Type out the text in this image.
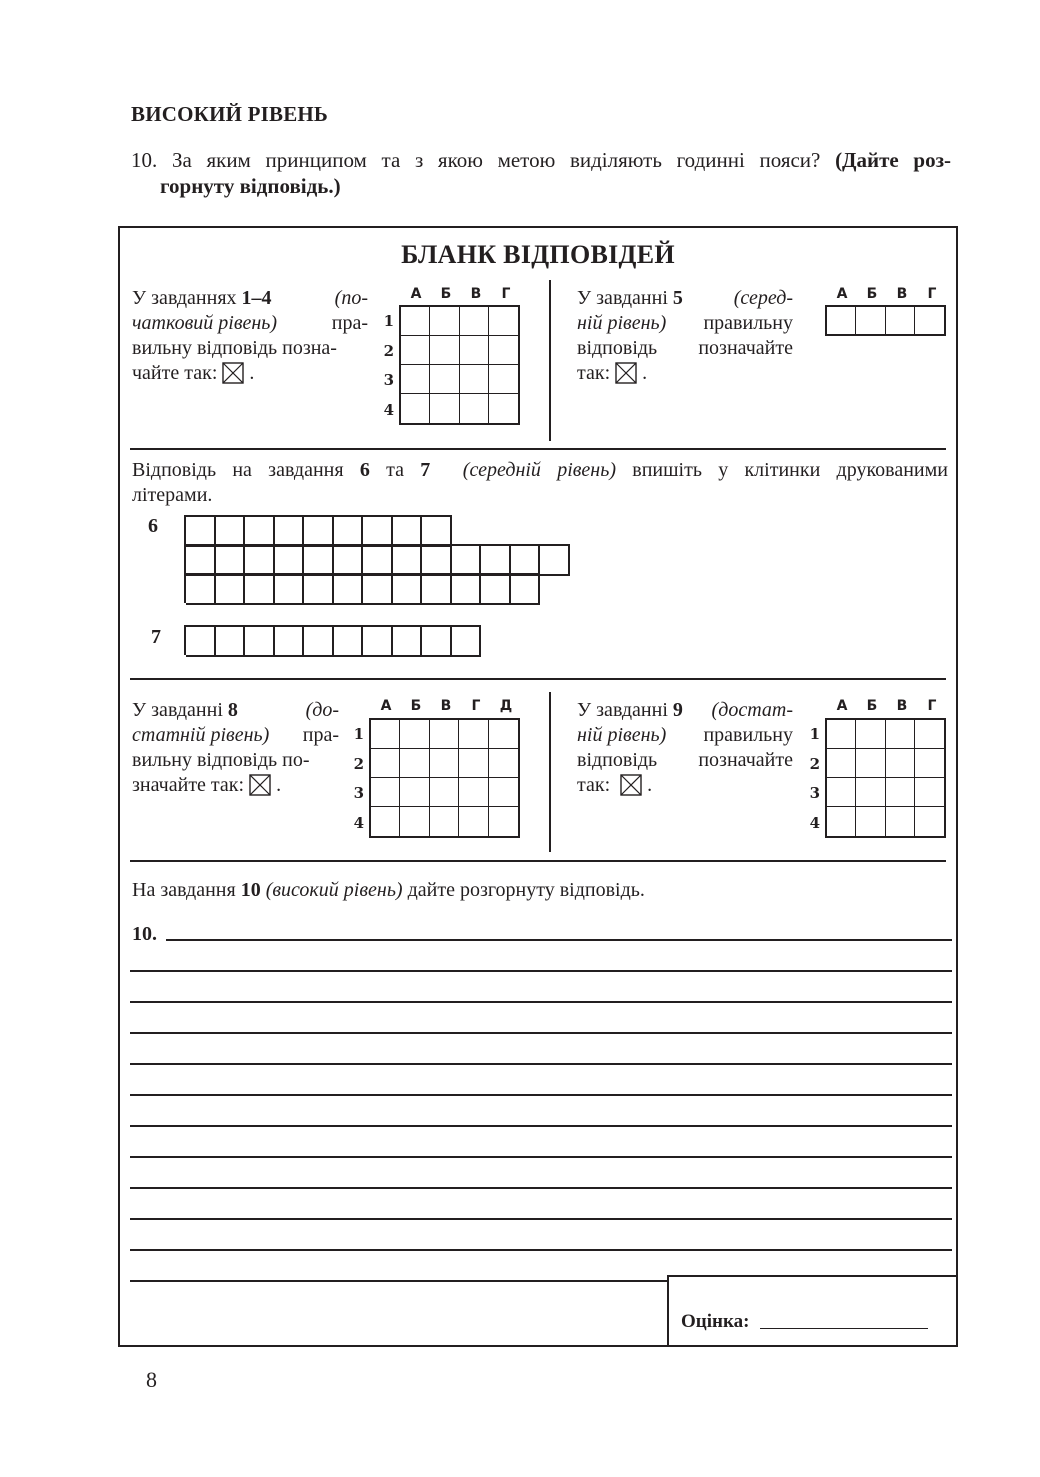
ВИСОКИЙ РІВЕНЬ
10. За яким принципом та з якою метою виділяють годинні пояси? (Дайте роз-
горнуту відповідь.)
БЛАНК ВІДПОВІДЕЙ
У завданнях 1–4	(по-
чатковий рівень)	пра-
вильну відповідь позна-
чайте так:  .
А	Б	В	Г
1
2
3
4
У завданні 5	(серед-
ній рівень) правильну
відповідь позначайте
так:  .
А	Б	В	Г
Відповідь на завдання 6 та 7 (середній рівень) впишіть у клітинки друкованими
літерами.
6
7
У завданні 8	(до-
статній рівень) пра-
вильну відповідь по-
значайте так:  .
А	Б	В	Г	Д
1
2
3
4
У завданні 9 (достат-
ній рівень) правильну
відповідь позначайте
так:   .
А	Б	В	Г
1
2
3
4
На завдання 10 (високий рівень) дайте розгорнуту відповідь.
10.
Оцінка:
8
